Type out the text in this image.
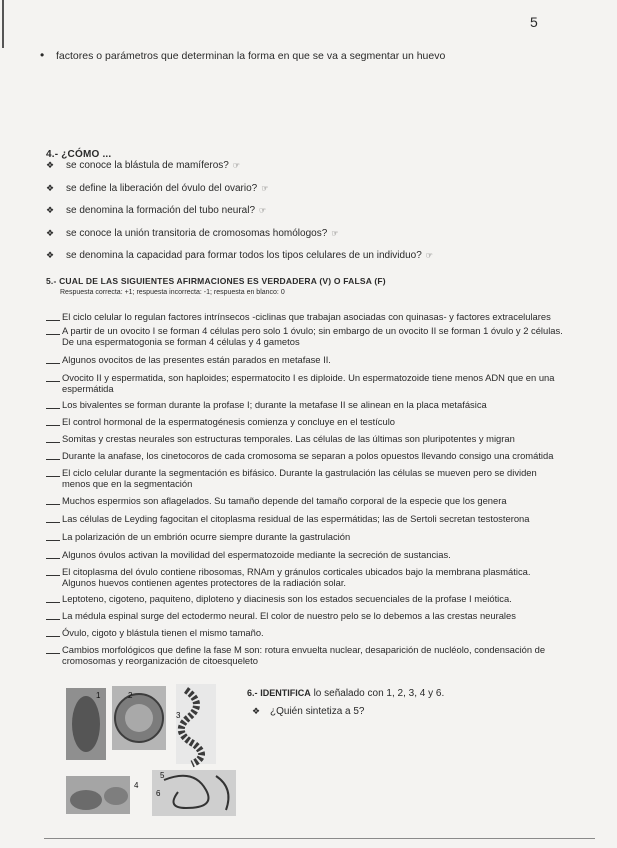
5
• factores o parámetros que determinan la forma en que se va a segmentar un huevo
4.- ¿CÓMO ...
❖ se conoce la blástula de mamíferos? ☞
❖ se define la liberación del óvulo del ovario? ☞
❖ se denomina la formación del tubo neural? ☞
❖ se conoce la unión transitoria de cromosomas homólogos? ☞
❖ se denomina la capacidad para formar todos los tipos celulares de un individuo? ☞
5.- CUAL DE LAS SIGUIENTES AFIRMACIONES ES VERDADERA (V) O FALSA (F)
Respuesta correcta: +1; respuesta incorrecta: -1; respuesta en blanco: 0

El ciclo celular lo regulan factores intrínsecos -ciclinas que trabajan asociadas con quinasas- y factores extracelulares

A partir de un ovocito I se forman 4 células pero solo 1 óvulo; sin embargo de un ovocito II se forman 1 óvulo y 2 células. De una espermatogonia se forman 4 células y 4 gametos

Algunos ovocitos de las presentes están parados en metafase II.

Ovocito II y espermatida, son haploides; espermatocito I es diploide. Un espermatozoide tiene menos ADN que en una espermátida

Los bivalentes se forman durante la profase I; durante la metafase II se alinean en la placa metafásica

El control hormonal de la espermatogénesis comienza y concluye en el testículo

Somitas y crestas neurales son estructuras temporales. Las células de las últimas son pluripotentes y migran

Durante la anafase, los cinetocoros de cada cromosoma se separan a polos opuestos llevando consigo una cromátida

El ciclo celular durante la segmentación es bifásico. Durante la gastrulación las células se mueven pero se dividen menos que en la segmentación

Muchos espermios son aflagelados. Su tamaño depende del tamaño corporal de la especie que los genera

Las células de Leyding fagocitan el citoplasma residual de las espermátidas; las de Sertoli secretan testosterona

La polarización de un embrión ocurre siempre durante la gastrulación

Algunos óvulos activan la movilidad del espermatozoide mediante la secreción de sustancias.

El citoplasma del óvulo contiene ribosomas, RNAm y gránulos corticales ubicados bajo la membrana plasmática. Algunos huevos contienen agentes protectores de la radiación solar.

Leptoteno, cigoteno, paquiteno, diploteno y diacinesis son los estados secuenciales de la profase I meiótica.

La médula espinal surge del ectodermo neural. El color de nuestro pelo se lo debemos a las crestas neurales

Óvulo, cigoto y blástula tienen el mismo tamaño.

Cambios morfológicos que define la fase M son: rotura envuelta nuclear, desaparición de nucléolo, condensación de cromosomas y reorganización de citoesqueleto

1	2
3
4
5
6
6.- IDENTIFICA lo señalado con 1, 2, 3, 4 y 6.
❖ ¿Quién sintetiza a 5?
